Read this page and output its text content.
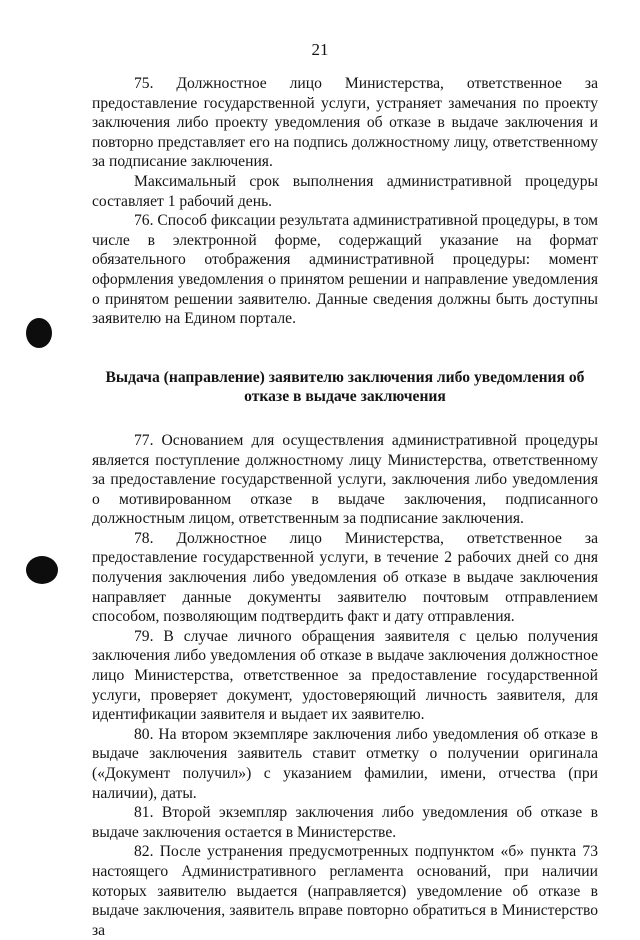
21

75. Должностное лицо Министерства, ответственное за предоставление государственной услуги, устраняет замечания по проекту заключения либо проекту уведомления об отказе в выдаче заключения и повторно представляет его на подпись должностному лицу, ответственному за подписание заключения.

Максимальный срок выполнения административной процедуры составляет 1 рабочий день.

76. Способ фиксации результата административной процедуры, в том числе в электронной форме, содержащий указание на формат обязательного отображения административной процедуры: момент оформления уведомления о принятом решении и направление уведомления о принятом решении заявителю. Данные сведения должны быть доступны заявителю на Едином портале.

Выдача (направление) заявителю заключения либо уведомления об отказе в выдаче заключения

77. Основанием для осуществления административной процедуры является поступление должностному лицу Министерства, ответственному за предоставление государственной услуги, заключения либо уведомления о мотивированном отказе в выдаче заключения, подписанного должностным лицом, ответственным за подписание заключения.

78. Должностное лицо Министерства, ответственное за предоставление государственной услуги, в течение 2 рабочих дней со дня получения заключения либо уведомления об отказе в выдаче заключения направляет данные документы заявителю почтовым отправлением способом, позволяющим подтвердить факт и дату отправления.

79. В случае личного обращения заявителя с целью получения заключения либо уведомления об отказе в выдаче заключения должностное лицо Министерства, ответственное за предоставление государственной услуги, проверяет документ, удостоверяющий личность заявителя, для идентификации заявителя и выдает их заявителю.

80. На втором экземпляре заключения либо уведомления об отказе в выдаче заключения заявитель ставит отметку о получении оригинала («Документ получил») с указанием фамилии, имени, отчества (при наличии), даты.

81. Второй экземпляр заключения либо уведомления об отказе в выдаче заключения остается в Министерстве.

82. После устранения предусмотренных подпунктом «б» пункта 73 настоящего Административного регламента оснований, при наличии которых заявителю выдается (направляется) уведомление об отказе в выдаче заключения, заявитель вправе повторно обратиться в Министерство за
